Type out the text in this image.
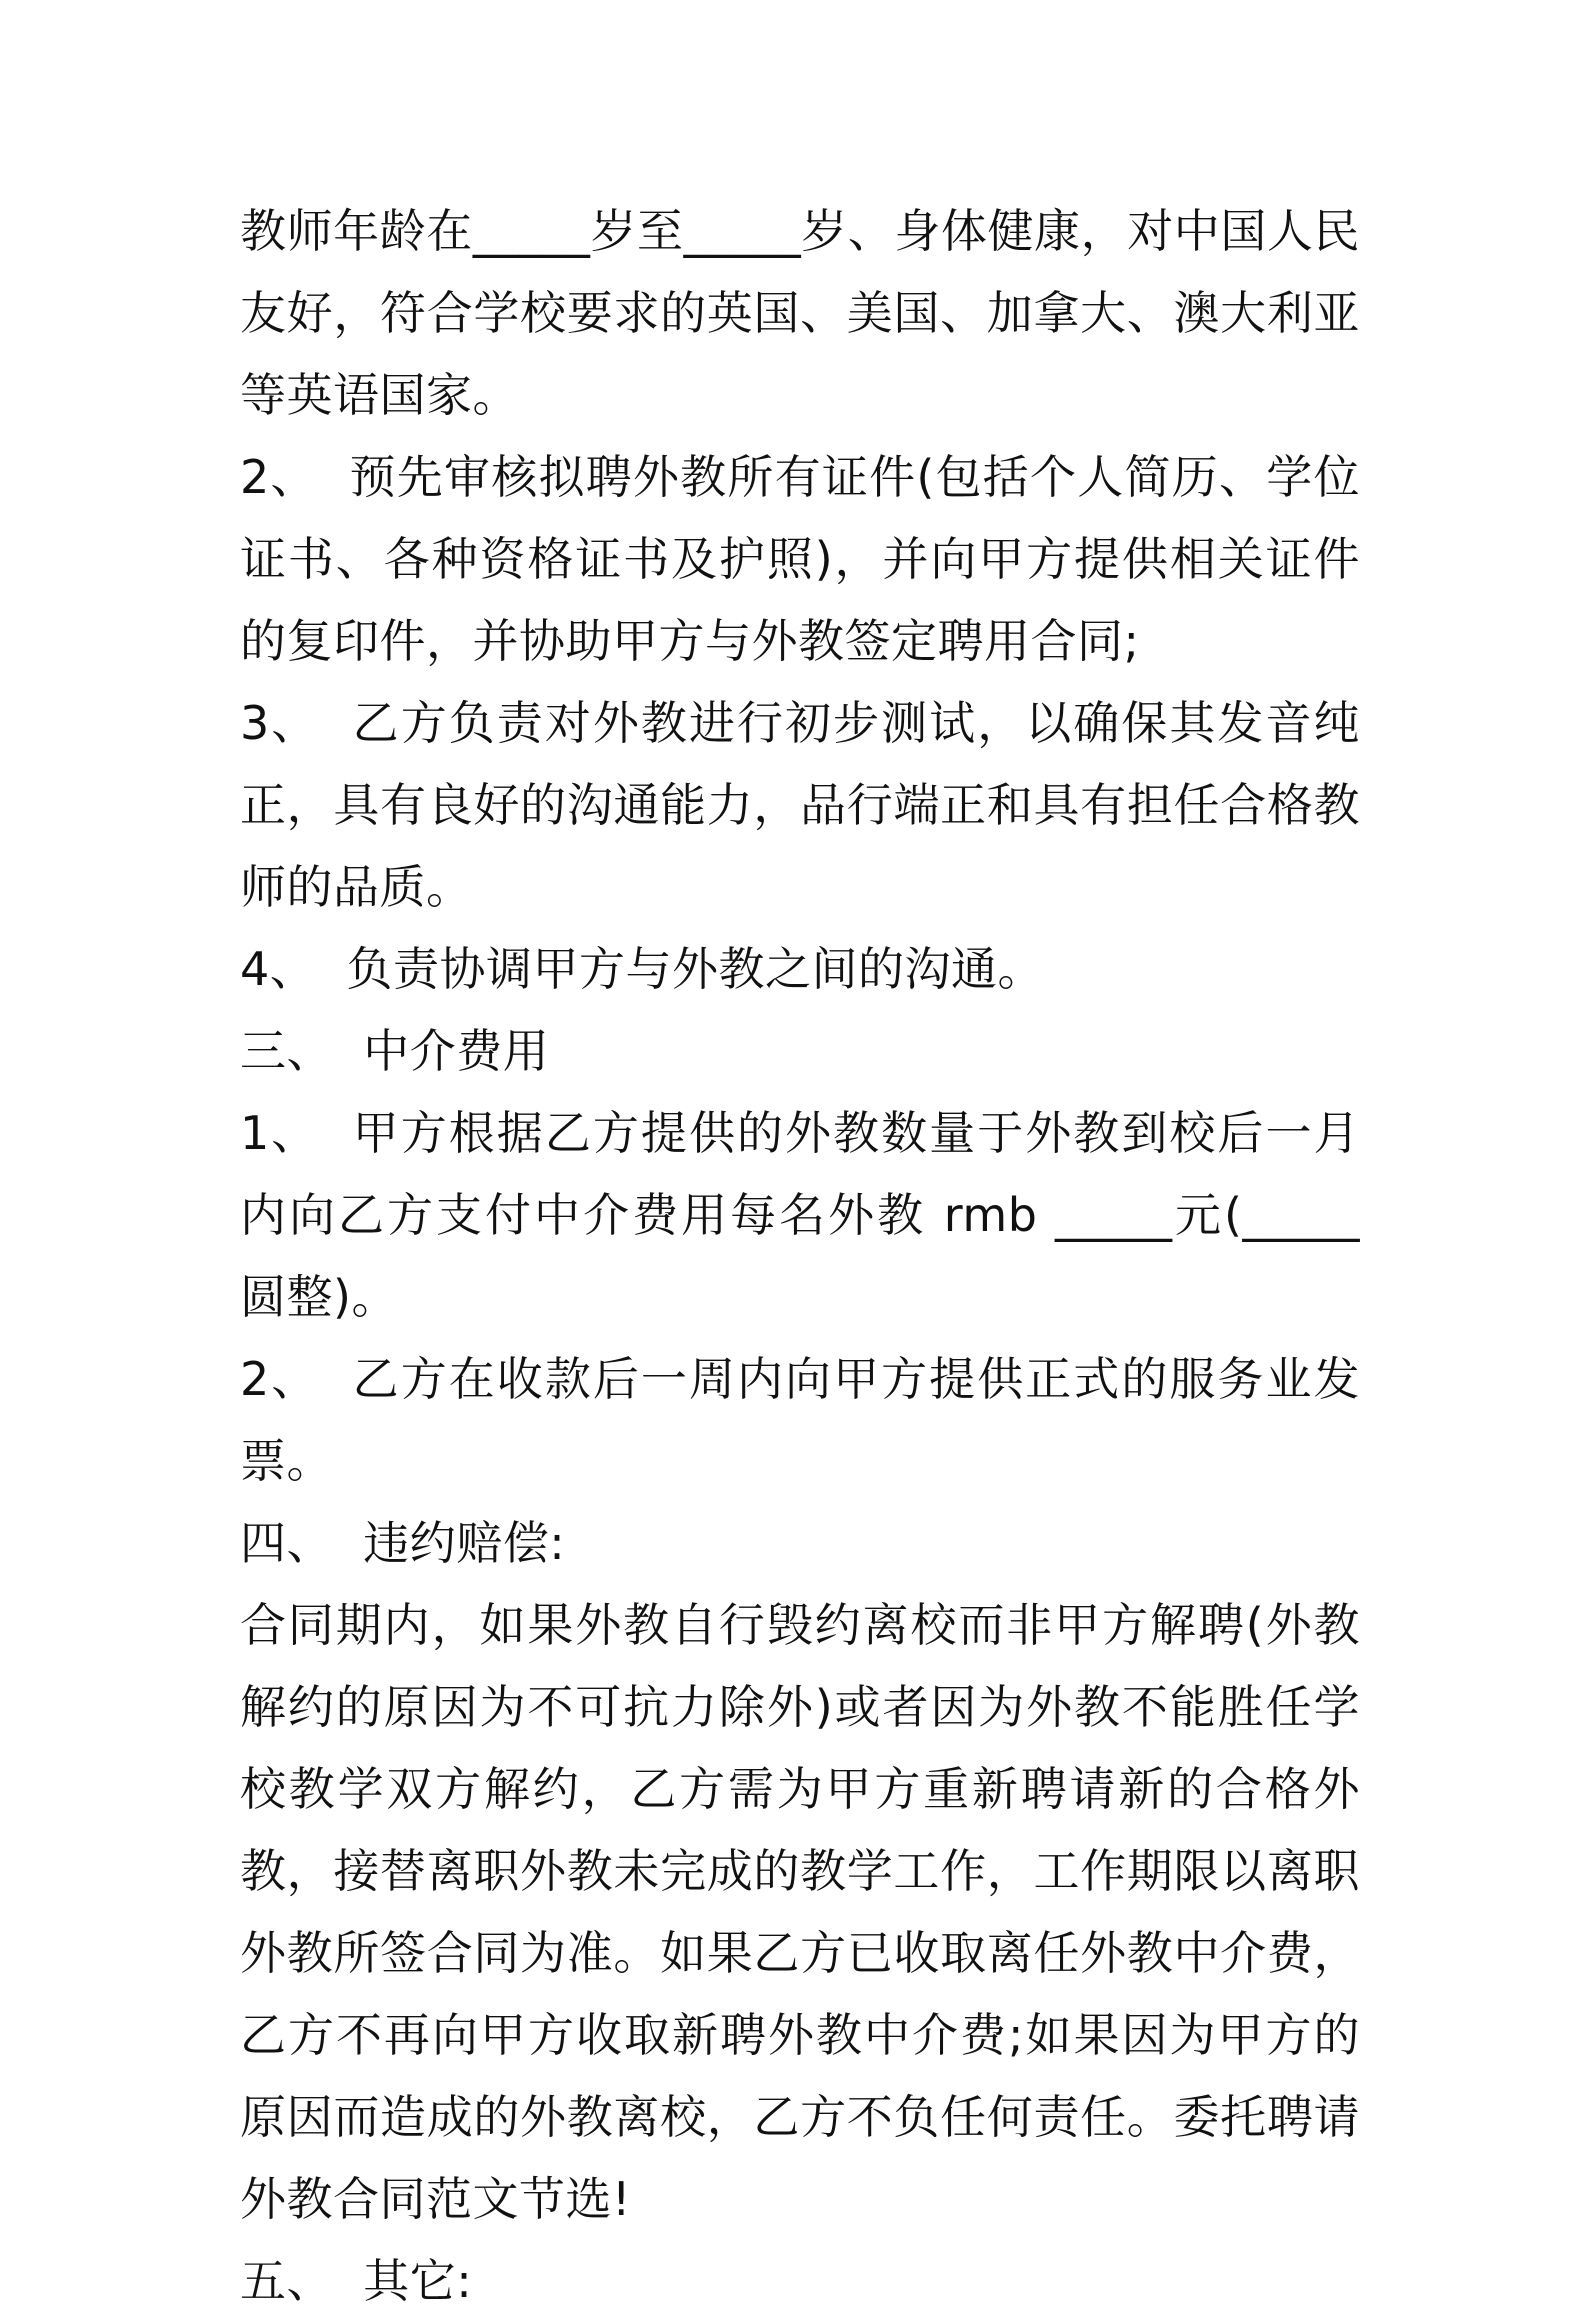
教师年龄在_____岁至_____岁、身体健康，对中国人民友好，符合学校要求的英国、美国、加拿大、澳大利亚等英语国家。

2、  预先审核拟聘外教所有证件(包括个人简历、学位证书、各种资格证书及护照)，并向甲方提供相关证件的复印件，并协助甲方与外教签定聘用合同;

3、  乙方负责对外教进行初步测试，以确保其发音纯正，具有良好的沟通能力，品行端正和具有担任合格教师的品质。

4、  负责协调甲方与外教之间的沟通。

三、  中介费用

1、  甲方根据乙方提供的外教数量于外教到校后一月内向乙方支付中介费用每名外教 rmb _____元(_____圆整)。

2、  乙方在收款后一周内向甲方提供正式的服务业发票。

四、  违约赔偿:

合同期内，如果外教自行毁约离校而非甲方解聘(外教解约的原因为不可抗力除外)或者因为外教不能胜任学校教学双方解约，乙方需为甲方重新聘请新的合格外教，接替离职外教未完成的教学工作，工作期限以离职外教所签合同为准。如果乙方已收取离任外教中介费，乙方不再向甲方收取新聘外教中介费;如果因为甲方的原因而造成的外教离校，乙方不负任何责任。委托聘请外教合同范文节选!

五、  其它:
